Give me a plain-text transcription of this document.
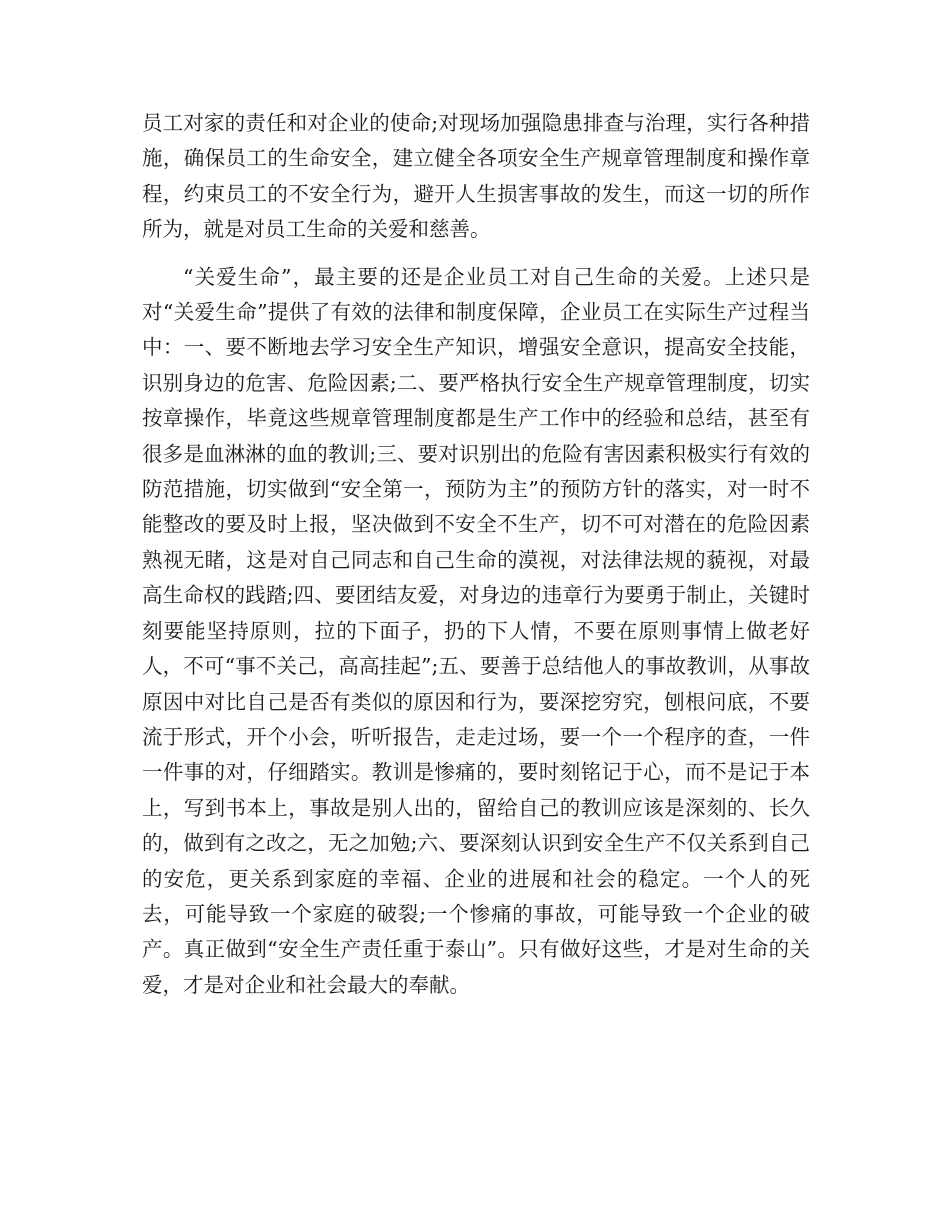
员工对家的责任和对企业的使命;对现场加强隐患排查与治理，实行各种措施，确保员工的生命安全，建立健全各项安全生产规章管理制度和操作章程，约束员工的不安全行为，避开人生损害事故的发生，而这一切的所作所为，就是对员工生命的关爱和慈善。

“关爱生命”，最主要的还是企业员工对自己生命的关爱。上述只是对“关爱生命”提供了有效的法律和制度保障，企业员工在实际生产过程当中：一、要不断地去学习安全生产知识，增强安全意识，提高安全技能，识别身边的危害、危险因素;二、要严格执行安全生产规章管理制度，切实按章操作，毕竟这些规章管理制度都是生产工作中的经验和总结，甚至有很多是血淋淋的血的教训;三、要对识别出的危险有害因素积极实行有效的防范措施，切实做到“安全第一，预防为主”的预防方针的落实，对一时不能整改的要及时上报，坚决做到不安全不生产，切不可对潜在的危险因素熟视无睹，这是对自己同志和自己生命的漠视，对法律法规的藐视，对最高生命权的践踏;四、要团结友爱，对身边的违章行为要勇于制止，关键时刻要能坚持原则，拉的下面子，扔的下人情，不要在原则事情上做老好人，不可“事不关己，高高挂起”;五、要善于总结他人的事故教训，从事故原因中对比自己是否有类似的原因和行为，要深挖穷究，刨根问底，不要流于形式，开个小会，听听报告，走走过场，要一个一个程序的查，一件一件事的对，仔细踏实。教训是惨痛的，要时刻铭记于心，而不是记于本上，写到书本上，事故是别人出的，留给自己的教训应该是深刻的、长久的，做到有之改之，无之加勉;六、要深刻认识到安全生产不仅关系到自己的安危，更关系到家庭的幸福、企业的进展和社会的稳定。一个人的死去，可能导致一个家庭的破裂;一个惨痛的事故，可能导致一个企业的破产。真正做到“安全生产责任重于泰山”。只有做好这些，才是对生命的关爱，才是对企业和社会最大的奉献。
